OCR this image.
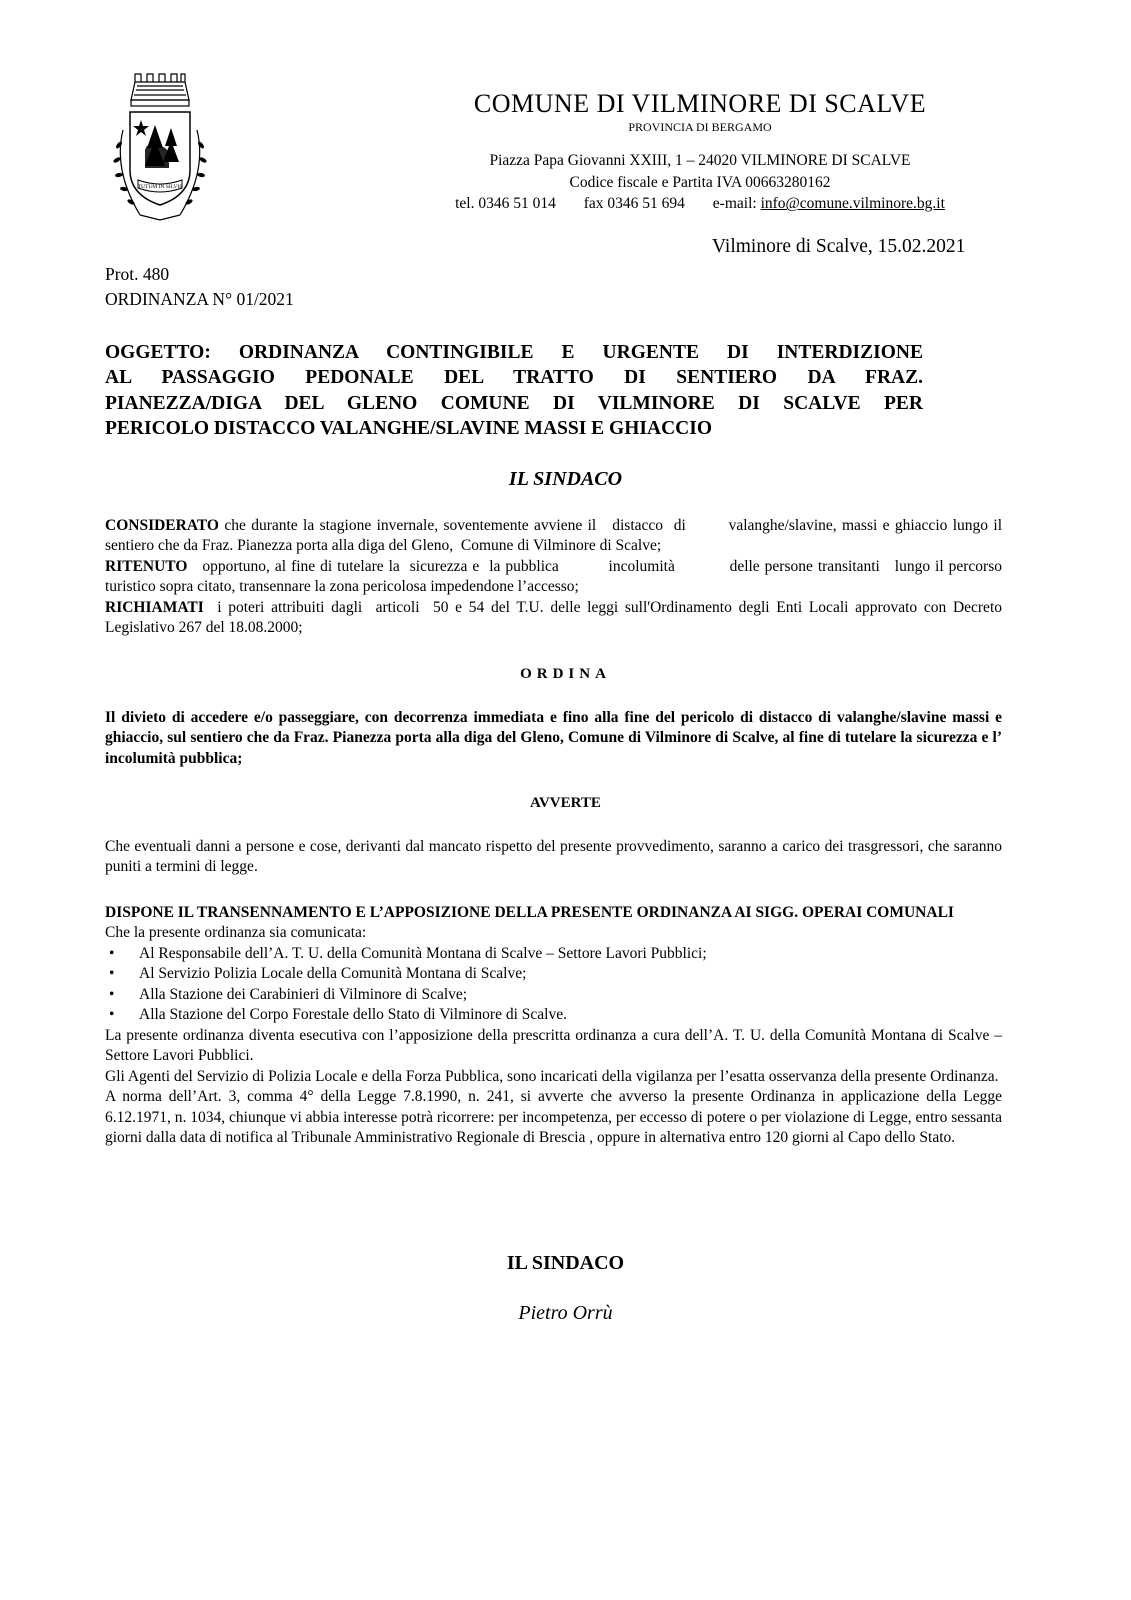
TUTUM IN SILVIS
COMUNE DI VILMINORE DI SCALVE
PROVINCIA DI BERGAMO
Piazza Papa Giovanni XXIII, 1 – 24020 VILMINORE DI SCALVE
Codice fiscale e Partita IVA 00663280162
tel. 0346 51 014 fax 0346 51 694 e-mail: info@comune.vilminore.bg.it
Vilminore di Scalve, 15.02.2021
Prot. 480
ORDINANZA N° 01/2021

OGGETTO: ORDINANZA CONTINGIBILE E URGENTE DI INTERDIZIONE

AL PASSAGGIO PEDONALE DEL TRATTO DI SENTIERO DA FRAZ.

PIANEZZA/DIGA DEL GLENO COMUNE DI VILMINORE DI SCALVE PER

PERICOLO DISTACCO VALANGHE/SLAVINE MASSI E GHIACCIO

IL SINDACO

CONSIDERATO che durante la stagione invernale, soventemente avviene il   distacco  di        valanghe/slavine, massi e ghiaccio lungo il sentiero che da Fraz. Pianezza porta alla diga del Gleno,  Comune di Vilminore di Scalve;

RITENUTO   opportuno, al fine di tutelare la  sicurezza e  la pubblica          incolumità           delle persone transitanti   lungo il percorso turistico sopra citato, transennare la zona pericolosa impedendone l’accesso;

RICHIAMATI  i poteri attribuiti dagli  articoli  50 e 54 del T.U. delle leggi sull'Ordinamento degli Enti Locali approvato con Decreto Legislativo 267 del 18.08.2000;

ORDINA

Il divieto di accedere e/o passeggiare, con decorrenza immediata e fino alla fine del pericolo di distacco di valanghe/slavine massi e ghiaccio, sul sentiero che da Fraz. Pianezza porta alla diga del Gleno, Comune di Vilminore di Scalve, al fine di tutelare la sicurezza e l’ incolumità pubblica;

AVVERTE

Che eventuali danni a persone e cose, derivanti dal mancato rispetto del presente provvedimento, saranno a carico dei trasgressori, che saranno puniti a termini di legge.

DISPONE IL TRANSENNAMENTO E L’APPOSIZIONE DELLA PRESENTE ORDINANZA AI SIGG. OPERAI COMUNALI

Che la presente ordinanza sia comunicata:

• Al Responsabile dell’A. T. U. della Comunità Montana di Scalve – Settore Lavori Pubblici;
• Al Servizio Polizia Locale della Comunità Montana di Scalve;
• Alla Stazione dei Carabinieri di Vilminore di Scalve;
• Alla Stazione del Corpo Forestale dello Stato di Vilminore di Scalve.

La presente ordinanza diventa esecutiva con l’apposizione della prescritta ordinanza a cura dell’A. T. U. della Comunità Montana di Scalve – Settore Lavori Pubblici.

Gli Agenti del Servizio di Polizia Locale e della Forza Pubblica, sono incaricati della vigilanza per l’esatta osservanza della presente Ordinanza.

A norma dell’Art. 3, comma 4° della Legge 7.8.1990, n. 241, si avverte che avverso la presente Ordinanza in applicazione della Legge 6.12.1971, n. 1034, chiunque vi abbia interesse potrà ricorrere: per incompetenza, per eccesso di potere o per violazione di Legge, entro sessanta giorni dalla data di notifica al Tribunale Amministrativo Regionale di Brescia , oppure in alternativa entro 120 giorni al Capo dello Stato.

IL SINDACO
Pietro Orrù
